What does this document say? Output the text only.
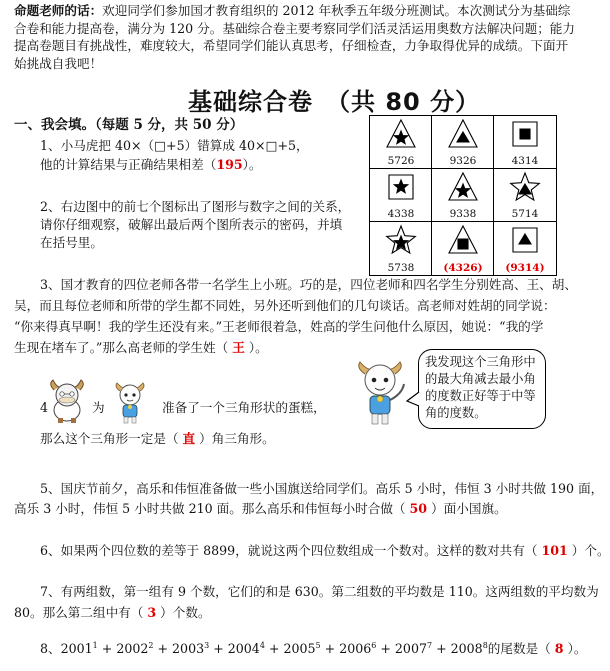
命题老师的话：欢迎同学们参加国才教育组织的 2012 年秋季五年级分班测试。本次测试分为基础综合卷和能力提高卷，满分为 120 分。基础综合卷主要考察同学们活灵活运用奥数方法解决问题；能力提高卷题目有挑战性，难度较大，希望同学们能认真思考，仔细检查，力争取得优异的成绩。下面开始挑战自我吧！
基础综合卷　（共 80 分）
一、我会填。（每题 5 分，共 50 分）
1、小马虎把 40×（□+5）错算成 40×□+5，
他的计算结果与正确结果相差（195）。
2、右边图中的前七个图标出了图形与数字之间的关系，
请你仔细观察，破解出最后两个图所表示的密码，并填
在括号里。
5726	9326	4314
4338	9338	5714
5738	(4326)	(9314)
3、国才教育的四位老师各带一名学生上小班。巧的是，四位老师和四名学生分别姓高、王、胡、
吴，而且每位老师和所带的学生都不同姓，另外还听到他们的几句谈话。高老师对姓胡的同学说：
“你来得真早啊！我的学生还没有来。”王老师很着急，姓高的学生问他什么原因，她说：“我的学
生现在堵车了。”那么高老师的学生姓（ 王 ）。
4	为	准备了一个三角形状的蛋糕，
那么这个三角形一定是（ 直 ）角三角形。
我发现这个三角形中的最大角减去最小角的度数正好等于中等角的度数。
5、国庆节前夕，高乐和伟恒准备做一些小国旗送给同学们。高乐 5 小时，伟恒 3 小时共做 190 面，
高乐 3 小时，伟恒 5 小时共做 210 面。那么高乐和伟恒每小时合做（ 50 ）面小国旗。
6、如果两个四位数的差等于 8899，就说这两个四位数组成一个数对。这样的数对共有（ 101 ）个。
7、有两组数，第一组有 9 个数，它们的和是 630。第二组数的平均数是 110。这两组数的平均数为
80。那么第二组中有（ 3 ）个数。
8、$2001^1 + 2002^2 + 2003^3 + 2004^4 + 2005^5 + 2006^6 + 2007^7 + 2008^8$的尾数是（ 8 ）。
